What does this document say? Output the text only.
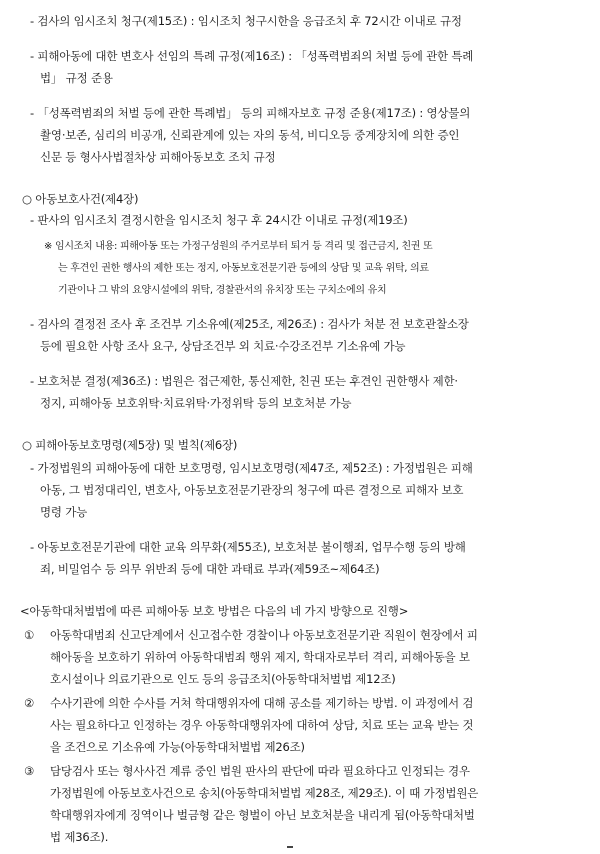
- 검사의 임시조치 청구(제15조) : 임시조치 청구시한을 응급조치 후 72시간 이내로 규정
- 피해아동에 대한 변호사 선임의 특례 규정(제16조) : 「성폭력범죄의 처벌 등에 관한 특례
법」 규정 준용
- 「성폭력범죄의 처벌 등에 관한 특례법」 등의 피해자보호 규정 준용(제17조) : 영상물의
촬영·보존, 심리의 비공개, 신뢰관계에 있는 자의 동석, 비디오등 중계장치에 의한 증인
신문 등 형사사법절차상 피해아동보호 조치 규정
○ 아동보호사건(제4장)
- 판사의 임시조치 결정시한을 임시조치 청구 후 24시간 이내로 규정(제19조)
※ 임시조치 내용: 피해아동 또는 가정구성원의 주거로부터 퇴거 등 격리 및 접근금지, 친권 또
는 후견인 권한 행사의 제한 또는 정지, 아동보호전문기관 등에의 상담 및 교육 위탁, 의료
기관이나 그 밖의 요양시설에의 위탁, 경찰관서의 유치장 또는 구치소에의 유치
- 검사의 결정전 조사 후 조건부 기소유예(제25조, 제26조) : 검사가 처분 전 보호관찰소장
등에 필요한 사항 조사 요구, 상담조건부 외 치료·수강조건부 기소유예 가능
- 보호처분 결정(제36조) : 법원은 접근제한, 통신제한, 친권 또는 후견인 권한행사 제한·
정지, 피해아동 보호위탁·치료위탁·가정위탁 등의 보호처분 가능
○ 피해아동보호명령(제5장) 및 벌칙(제6장)
- 가정법원의 피해아동에 대한 보호명령, 임시보호명령(제47조, 제52조) : 가정법원은 피해
아동, 그 법정대리인, 변호사, 아동보호전문기관장의 청구에 따른 결정으로 피해자 보호
명령 가능
- 아동보호전문기관에 대한 교육 의무화(제55조), 보호처분 불이행죄, 업무수행 등의 방해
죄, 비밀엄수 등 의무 위반죄 등에 대한 과태료 부과(제59조~제64조)
<아동학대처벌법에 따른 피해아동 보호 방법은 다음의 네 가지 방향으로 진행>
① 아동학대범죄 신고단계에서 신고접수한 경찰이나 아동보호전문기관 직원이 현장에서 피
해아동을 보호하기 위하여 아동학대범죄 행위 제지, 학대자로부터 격리, 피해아동을 보
호시설이나 의료기관으로 인도 등의 응급조치(아동학대처벌법 제12조)
② 수사기관에 의한 수사를 거쳐 학대행위자에 대해 공소를 제기하는 방법. 이 과정에서 검
사는 필요하다고 인정하는 경우 아동학대행위자에 대하여 상담, 치료 또는 교육 받는 것
을 조건으로 기소유예 가능(아동학대처벌법 제26조)
③ 담당검사 또는 형사사건 계류 중인 법원 판사의 판단에 따라 필요하다고 인정되는 경우
가정법원에 아동보호사건으로 송치(아동학대처벌법 제28조, 제29조). 이 때 가정법원은
학대행위자에게 징역이나 벌금형 같은 형벌이 아닌 보호처분을 내리게 됨(아동학대처벌
법 제36조).
